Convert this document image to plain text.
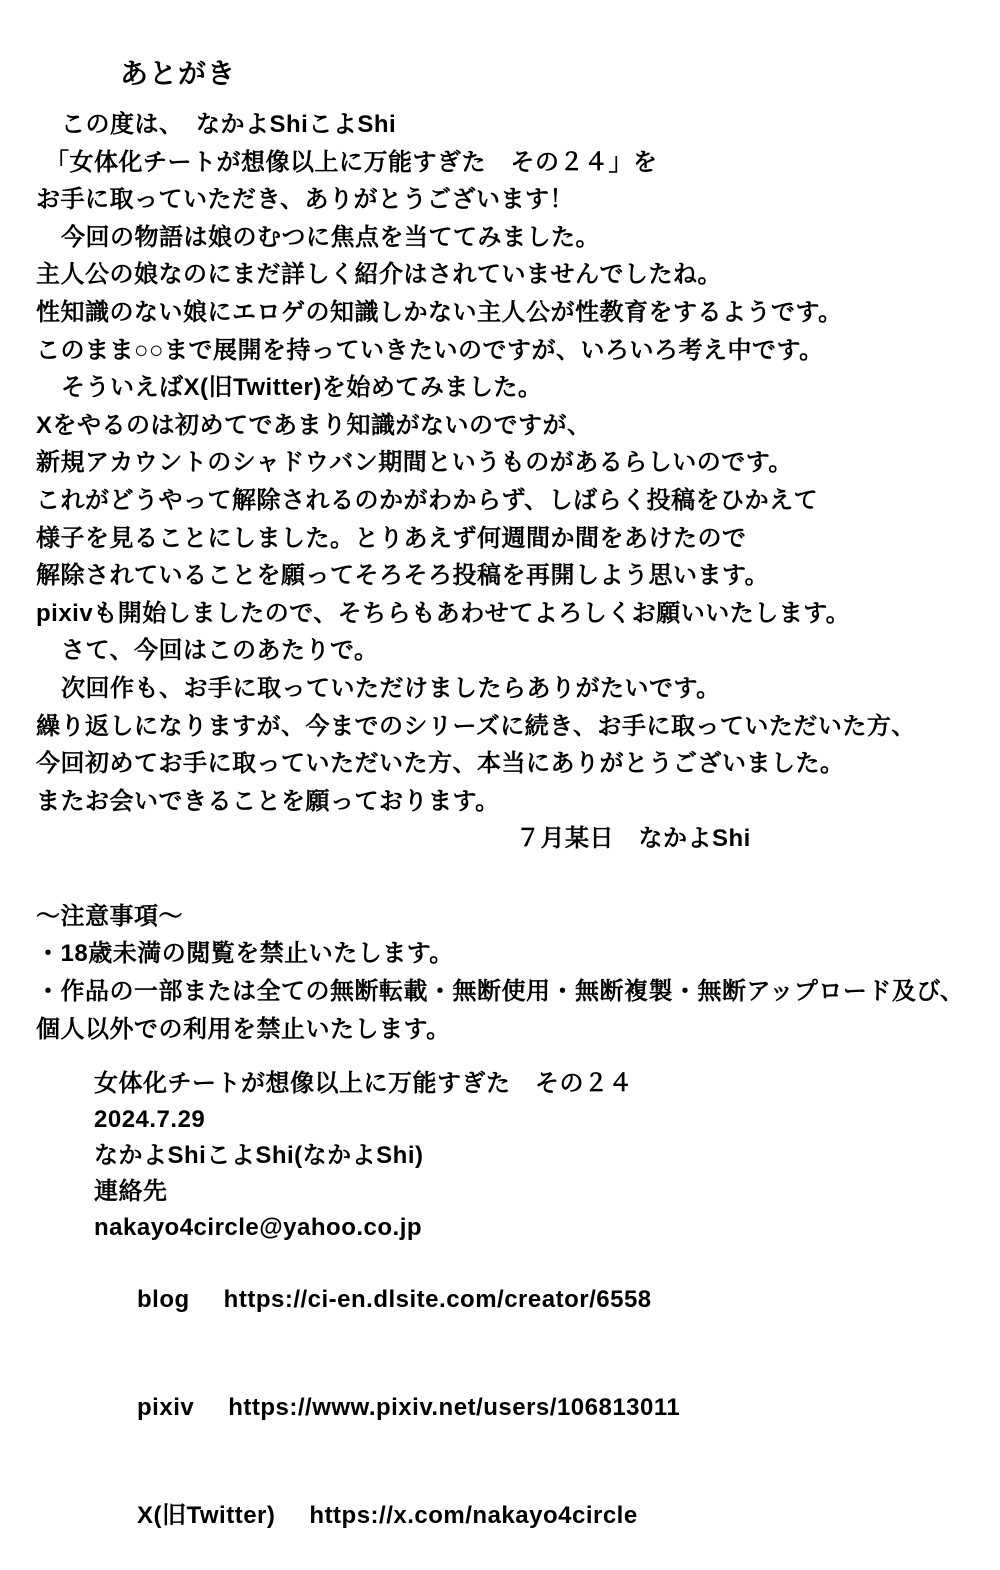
あとがき

この度は、　なかよShiこよShi

「女体化チートが想像以上に万能すぎた　その２４」を

お手に取っていただき、ありがとうございます！

今回の物語は娘のむつに焦点を当ててみました。

主人公の娘なのにまだ詳しく紹介はされていませんでしたね。

性知識のない娘にエロゲの知識しかない主人公が性教育をするようです。

このまま○○まで展開を持っていきたいのですが、いろいろ考え中です。

そういえばX(旧Twitter)を始めてみました。

Xをやるのは初めてであまり知識がないのですが、

新規アカウントのシャドウバン期間というものがあるらしいのです。

これがどうやって解除されるのかがわからず、しばらく投稿をひかえて

様子を見ることにしました。とりあえず何週間か間をあけたので

解除されていることを願ってそろそろ投稿を再開しよう思います。

pixivも開始しましたので、そちらもあわせてよろしくお願いいたします。

さて、今回はこのあたりで。

次回作も、お手に取っていただけましたらありがたいです。

繰り返しになりますが、今までのシリーズに続き、お手に取っていただいた方、

今回初めてお手に取っていただいた方、本当にありがとうございました。

またお会いできることを願っております。

７月某日　なかよShi

〜注意事項〜

・18歳未満の閲覧を禁止いたします。

・作品の一部または全ての無断転載・無断使用・無断複製・無断アップロード及び、

個人以外での利用を禁止いたします。

女体化チートが想像以上に万能すぎた　その２４

2024.7.29

なかよShiこよShi(なかよShi)

連絡先

nakayo4circle@yahoo.co.jp

blog https://ci-en.dlsite.com/creator/6558

pixiv https://www.pixiv.net/users/106813011

X(旧Twitter) https://x.com/nakayo4circle
